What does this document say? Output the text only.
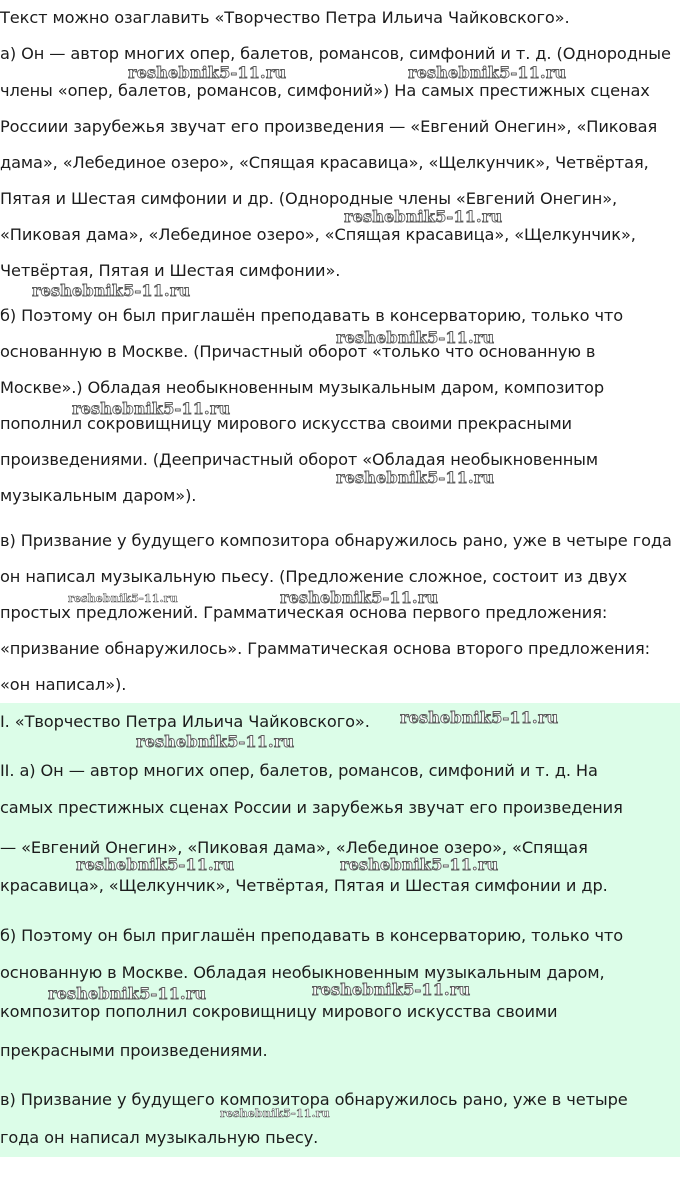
Текст можно озаглавить «Творчество Петра Ильича Чайковского».
а) Он — автор многих опер, балетов, романсов, симфоний и т. д. (Однородные
члены «опер, балетов, романсов, симфоний») На самых престижных сценах
Россиии зарубежья звучат его произведения — «Евгений Онегин», «Пиковая
дама», «Лебединое озеро», «Спящая красавица», «Щелкунчик», Четвёртая,
Пятая и Шестая симфонии и др. (Однородные члены «Евгений Онегин»,
«Пиковая дама», «Лебединое озеро», «Спящая красавица», «Щелкунчик»,
Четвёртая, Пятая и Шестая симфонии».
б) Поэтому он был приглашён преподавать в консерваторию, только что
основанную в Москве. (Причастный оборот «только что основанную в
Москве».) Обладая необыкновенным музыкальным даром, композитор
пополнил сокровищницу мирового искусства своими прекрасными
произведениями. (Деепричастный оборот «Обладая необыкновенным
музыкальным даром»).
в) Призвание у будущего композитора обнаружилось рано, уже в четыре года
он написал музыкальную пьесу. (Предложение сложное, состоит из двух
простых предложений. Грамматическая основа первого предложения:
«призвание обнаружилось». Грамматическая основа второго предложения:
«он написал»).
I. «Творчество Петра Ильича Чайковского».
II. а) Он — автор многих опер, балетов, романсов, симфоний и т. д. На
самых престижных сценах России и зарубежья звучат его произведения
— «Евгений Онегин», «Пиковая дама», «Лебединое озеро», «Спящая
красавица», «Щелкунчик», Четвёртая, Пятая и Шестая симфонии и др.
б) Поэтому он был приглашён преподавать в консерваторию, только что
основанную в Москве. Обладая необыкновенным музыкальным даром,
композитор пополнил сокровищницу мирового искусства своими
прекрасными произведениями.
в) Призвание у будущего композитора обнаружилось рано, уже в четыре
года он написал музыкальную пьесу.
reshebnik5-11.ru	reshebnik5-11.ru
reshebnik5-11.ru
reshebnik5-11.ru
reshebnik5-11.ru
reshebnik5-11.ru
reshebnik5-11.ru
reshebnik5-11.ru	reshebnik5-11.ru
reshebnik5-11.ru
reshebnik5-11.ru
reshebnik5-11.ru	reshebnik5-11.ru
reshebnik5-11.ru	reshebnik5-11.ru
reshebnik5-11.ru
